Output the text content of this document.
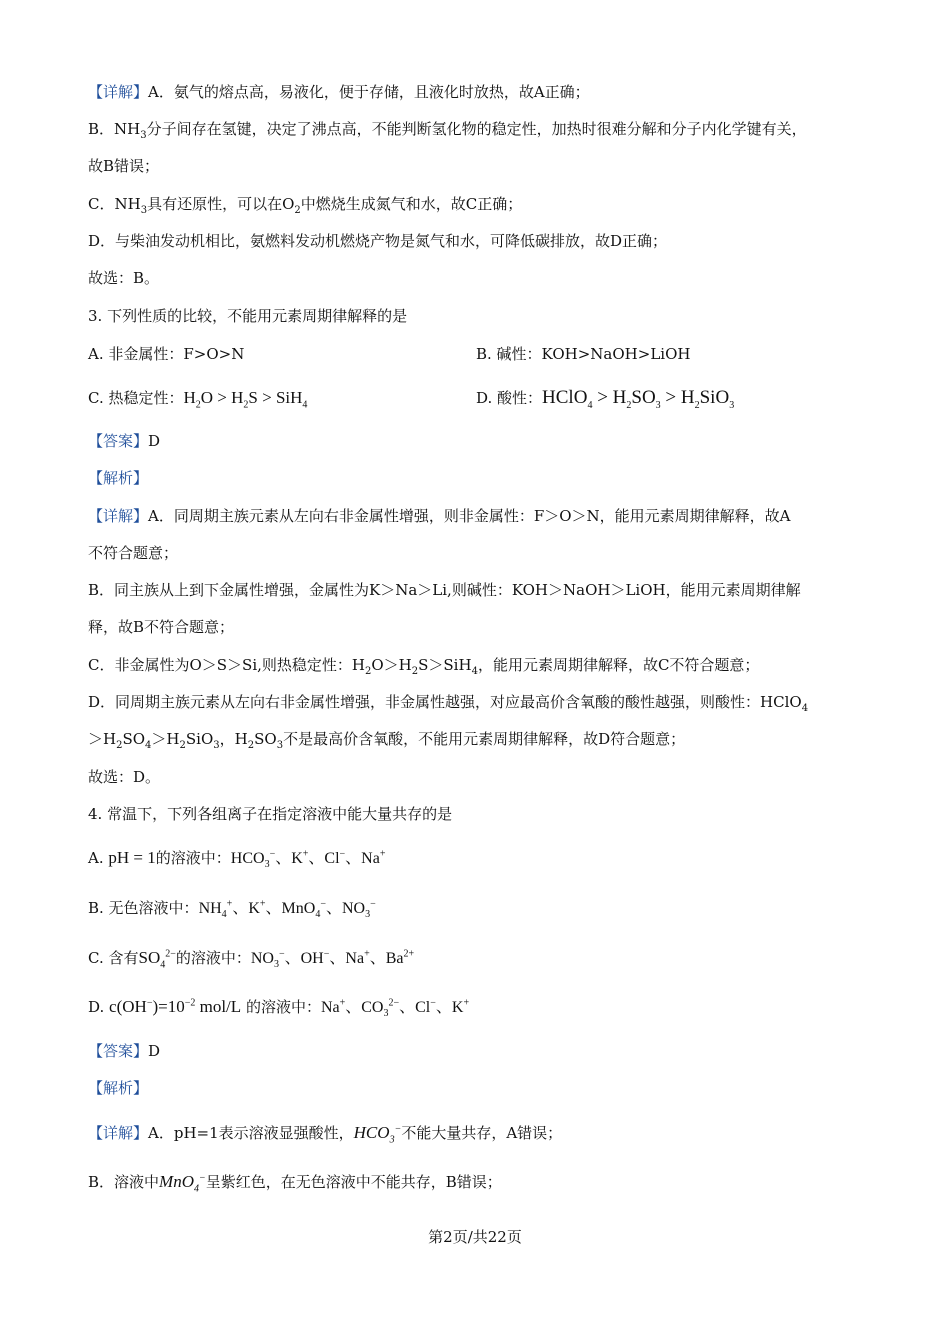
【详解】A．氨气的熔点高，易液化，便于存储，且液化时放热，故A正确；
B．$NH_3$分子间存在氢键，决定了沸点高，不能判断氢化物的稳定性，加热时很难分解和分子内化学键有关，
故B错误；
C．$NH_3$具有还原性，可以在$O_2$中燃烧生成氮气和水，故C正确；
D．与柴油发动机相比，氨燃料发动机燃烧产物是氮气和水，可降低碳排放，故D正确；
故选：B。
3. 下列性质的比较，不能用元素周期律解释的是
A. 非金属性：F>O>N	B. 碱性：KOH>NaOH>LiOH
C. 热稳定性：$H_2O > H_2S > SiH_4$	D. 酸性：HClO$_4$ > $H_2SO_3 > H_2SiO_3$
【答案】D
【解析】
【详解】A．同周期主族元素从左向右非金属性增强，则非金属性：F＞O＞N，能用元素周期律解释，故A
不符合题意；
B．同主族从上到下金属性增强，金属性为K＞Na＞Li,则碱性：KOH＞NaOH＞LiOH，能用元素周期律解
释，故B不符合题意；
C．非金属性为O＞S＞Si,则热稳定性：$H_2O>H_2S>SiH_4$，能用元素周期律解释，故C不符合题意；
D．同周期主族元素从左向右非金属性增强，非金属性越强，对应最高价含氧酸的酸性越强，则酸性：HClO$_4$
$>H_2SO_4>H_2SiO_3$，$H_2SO_3$不是最高价含氧酸，不能用元素周期律解释，故D符合题意；
故选：D。
4. 常温下，下列各组离子在指定溶液中能大量共存的是
A. pH = 1的溶液中：$HCO_3^-$、K+、Cl−、Na+
B. 无色溶液中：$NH_4^+$、K+、MnO$_4$−、$NO_3^-$
C. 含有$SO_4^{2-}$的溶液中：$NO_3^-$、OH−、Na+、$Ba^{2+}$
D. $c(OH^-)=10^{-2}$ mol/L 的溶液中：Na+、$CO_3^{2-}$、Cl−、K+
【答案】D
【解析】
【详解】A．pH=1表示溶液显强酸性，$HCO_3^-$不能大量共存，A错误；
B．溶液中MnO$_4$−呈紫红色，在无色溶液中不能共存，B错误；
第2页/共22页
